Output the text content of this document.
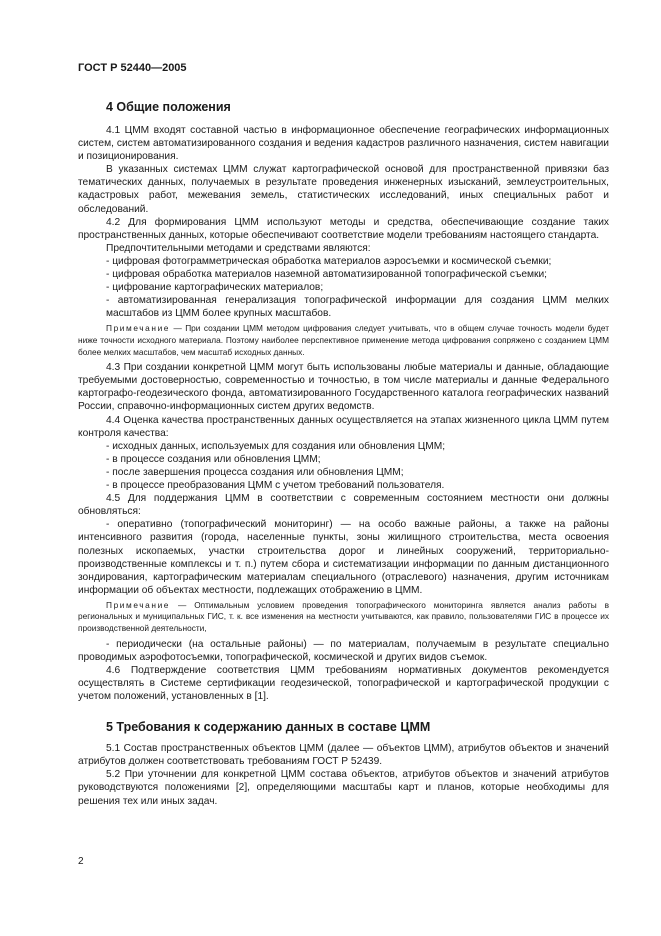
ГОСТ Р 52440—2005
4 Общие положения

4.1 ЦММ входят составной частью в информационное обеспечение географических информационных систем, систем автоматизированного создания и ведения кадастров различного назначения, систем навигации и позиционирования.

В указанных системах ЦММ служат картографической основой для пространственной привязки баз тематических данных, получаемых в результате проведения инженерных изысканий, землеустроительных, кадастровых работ, межевания земель, статистических исследований, иных специальных работ и обследований.

4.2 Для формирования ЦММ используют методы и средства, обеспечивающие создание таких пространственных данных, которые обеспечивают соответствие модели требованиям настоящего стандарта.

Предпочтительными методами и средствами являются:

- цифровая фотограмметрическая обработка материалов аэросъемки и космической съемки;

- цифровая обработка материалов наземной автоматизированной топографической съемки;

- цифрование картографических материалов;

- автоматизированная генерализация топографической информации для создания ЦММ мелких масштабов из ЦММ более крупных масштабов.

Примечание — При создании ЦММ методом цифрования следует учитывать, что в общем случае точность модели будет ниже точности исходного материала. Поэтому наиболее перспективное применение метода цифрования сопряжено с созданием ЦММ более мелких масштабов, чем масштаб исходных данных.

4.3 При создании конкретной ЦММ могут быть использованы любые материалы и данные, обладающие требуемыми достоверностью, современностью и точностью, в том числе материалы и данные Федерального картографо-геодезического фонда, автоматизированного Государственного каталога географических названий России, справочно-информационных систем других ведомств.

4.4 Оценка качества пространственных данных осуществляется на этапах жизненного цикла ЦММ путем контроля качества:

- исходных данных, используемых для создания или обновления ЦММ;

- в процессе создания или обновления ЦММ;

- после завершения процесса создания или обновления ЦММ;

- в процессе преобразования ЦММ с учетом требований пользователя.

4.5 Для поддержания ЦММ в соответствии с современным состоянием местности они должны обновляться:

- оперативно (топографический мониторинг) — на особо важные районы, а также на районы интенсивного развития (города, населенные пункты, зоны жилищного строительства, места освоения полезных ископаемых, участки строительства дорог и линейных сооружений, территориально-производственные комплексы и т. п.) путем сбора и систематизации информации по данным дистанционного зондирования, картографическим материалам специального (отраслевого) назначения, другим источникам информации об объектах местности, подлежащих отображению в ЦММ.

Примечание — Оптимальным условием проведения топографического мониторинга является анализ работы в региональных и муниципальных ГИС, т. к. все изменения на местности учитываются, как правило, пользователями ГИС в процессе их производственной деятельности,

- периодически (на остальные районы) — по материалам, получаемым в результате специально проводимых аэрофотосъемки, топографической, космической и других видов съемок.

4.6 Подтверждение соответствия ЦММ требованиям нормативных документов рекомендуется осуществлять в Системе сертификации геодезической, топографической и картографической продукции с учетом положений, установленных в [1].

5 Требования к содержанию данных в составе ЦММ

5.1 Состав пространственных объектов ЦММ (далее — объектов ЦММ), атрибутов объектов и значений атрибутов должен соответствовать требованиям ГОСТ Р 52439.

5.2 При уточнении для конкретной ЦММ состава объектов, атрибутов объектов и значений атрибутов руководствуются положениями [2], определяющими масштабы карт и планов, которые необходимы для решения тех или иных задач.

2
